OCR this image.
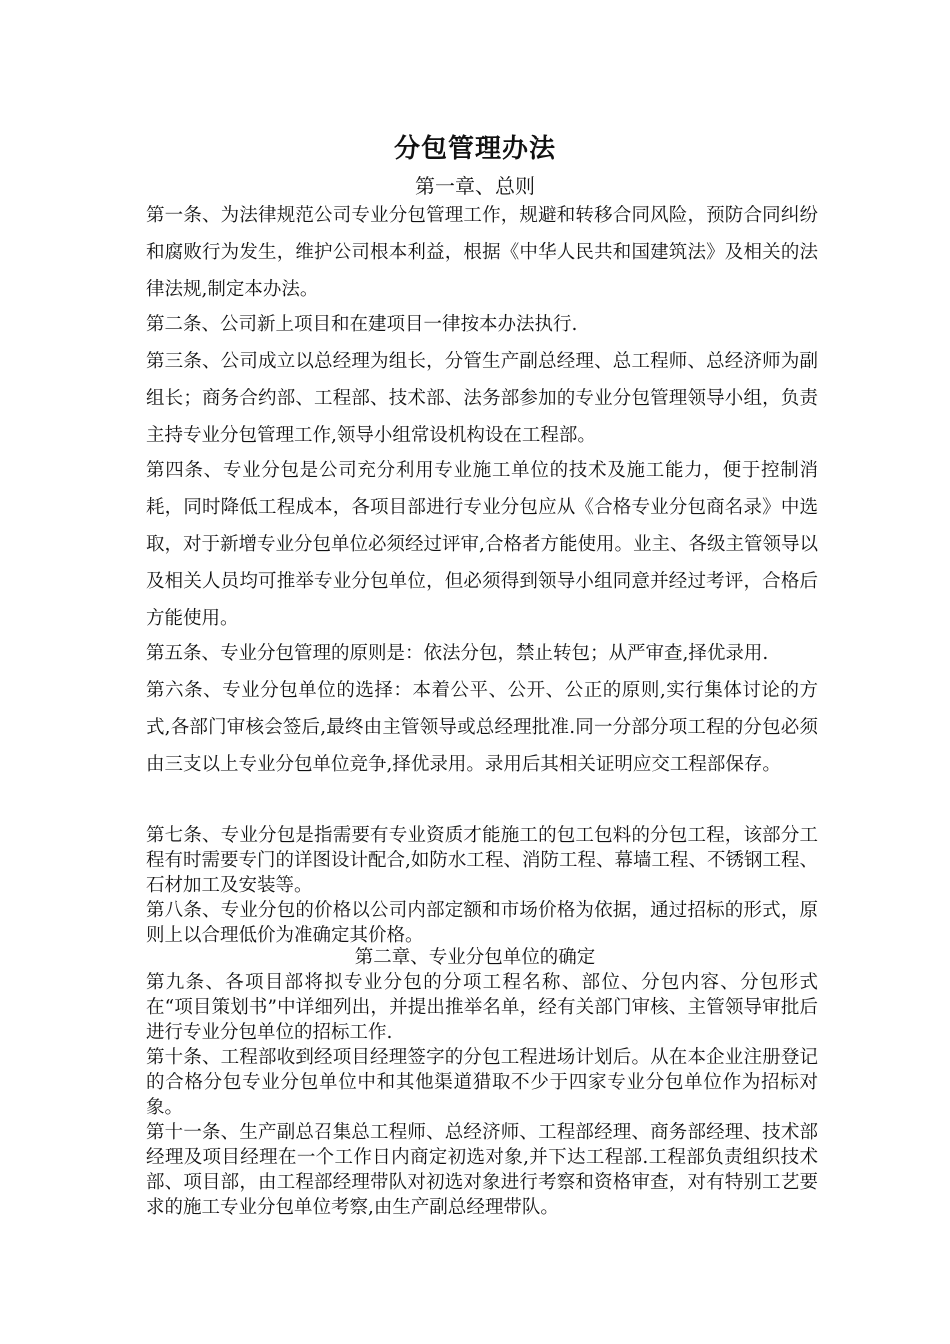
分包管理办法
第一章、总则
第一条、为法律规范公司专业分包管理工作，规避和转移合同风险，预防合同纠纷和腐败行为发生，维护公司根本利益，根据《中华人民共和国建筑法》及相关的法律法规,制定本办法。
第二条、公司新上项目和在建项目一律按本办法执行.
第三条、公司成立以总经理为组长，分管生产副总经理、总工程师、总经济师为副组长；商务合约部、工程部、技术部、法务部参加的专业分包管理领导小组，负责主持专业分包管理工作,领导小组常设机构设在工程部。
第四条、专业分包是公司充分利用专业施工单位的技术及施工能力，便于控制消耗，同时降低工程成本，各项目部进行专业分包应从《合格专业分包商名录》中选取，对于新增专业分包单位必须经过评审,合格者方能使用。业主、各级主管领导以及相关人员均可推举专业分包单位，但必须得到领导小组同意并经过考评，合格后方能使用。
第五条、专业分包管理的原则是：依法分包，禁止转包；从严审查,择优录用.
第六条、专业分包单位的选择：本着公平、公开、公正的原则,实行集体讨论的方式,各部门审核会签后,最终由主管领导或总经理批准.同一分部分项工程的分包必须由三支以上专业分包单位竞争,择优录用。录用后其相关证明应交工程部保存。
第七条、专业分包是指需要有专业资质才能施工的包工包料的分包工程，该部分工程有时需要专门的详图设计配合,如防水工程、消防工程、幕墙工程、不锈钢工程、石材加工及安装等。
第八条、专业分包的价格以公司内部定额和市场价格为依据，通过招标的形式，原则上以合理低价为准确定其价格。
第二章、专业分包单位的确定
第九条、各项目部将拟专业分包的分项工程名称、部位、分包内容、分包形式在“项目策划书”中详细列出，并提出推举名单，经有关部门审核、主管领导审批后进行专业分包单位的招标工作.
第十条、工程部收到经项目经理签字的分包工程进场计划后。从在本企业注册登记的合格分包专业分包单位中和其他渠道猎取不少于四家专业分包单位作为招标对象。
第十一条、生产副总召集总工程师、总经济师、工程部经理、商务部经理、技术部经理及项目经理在一个工作日内商定初选对象,并下达工程部.工程部负责组织技术部、项目部，由工程部经理带队对初选对象进行考察和资格审查，对有特别工艺要求的施工专业分包单位考察,由生产副总经理带队。
